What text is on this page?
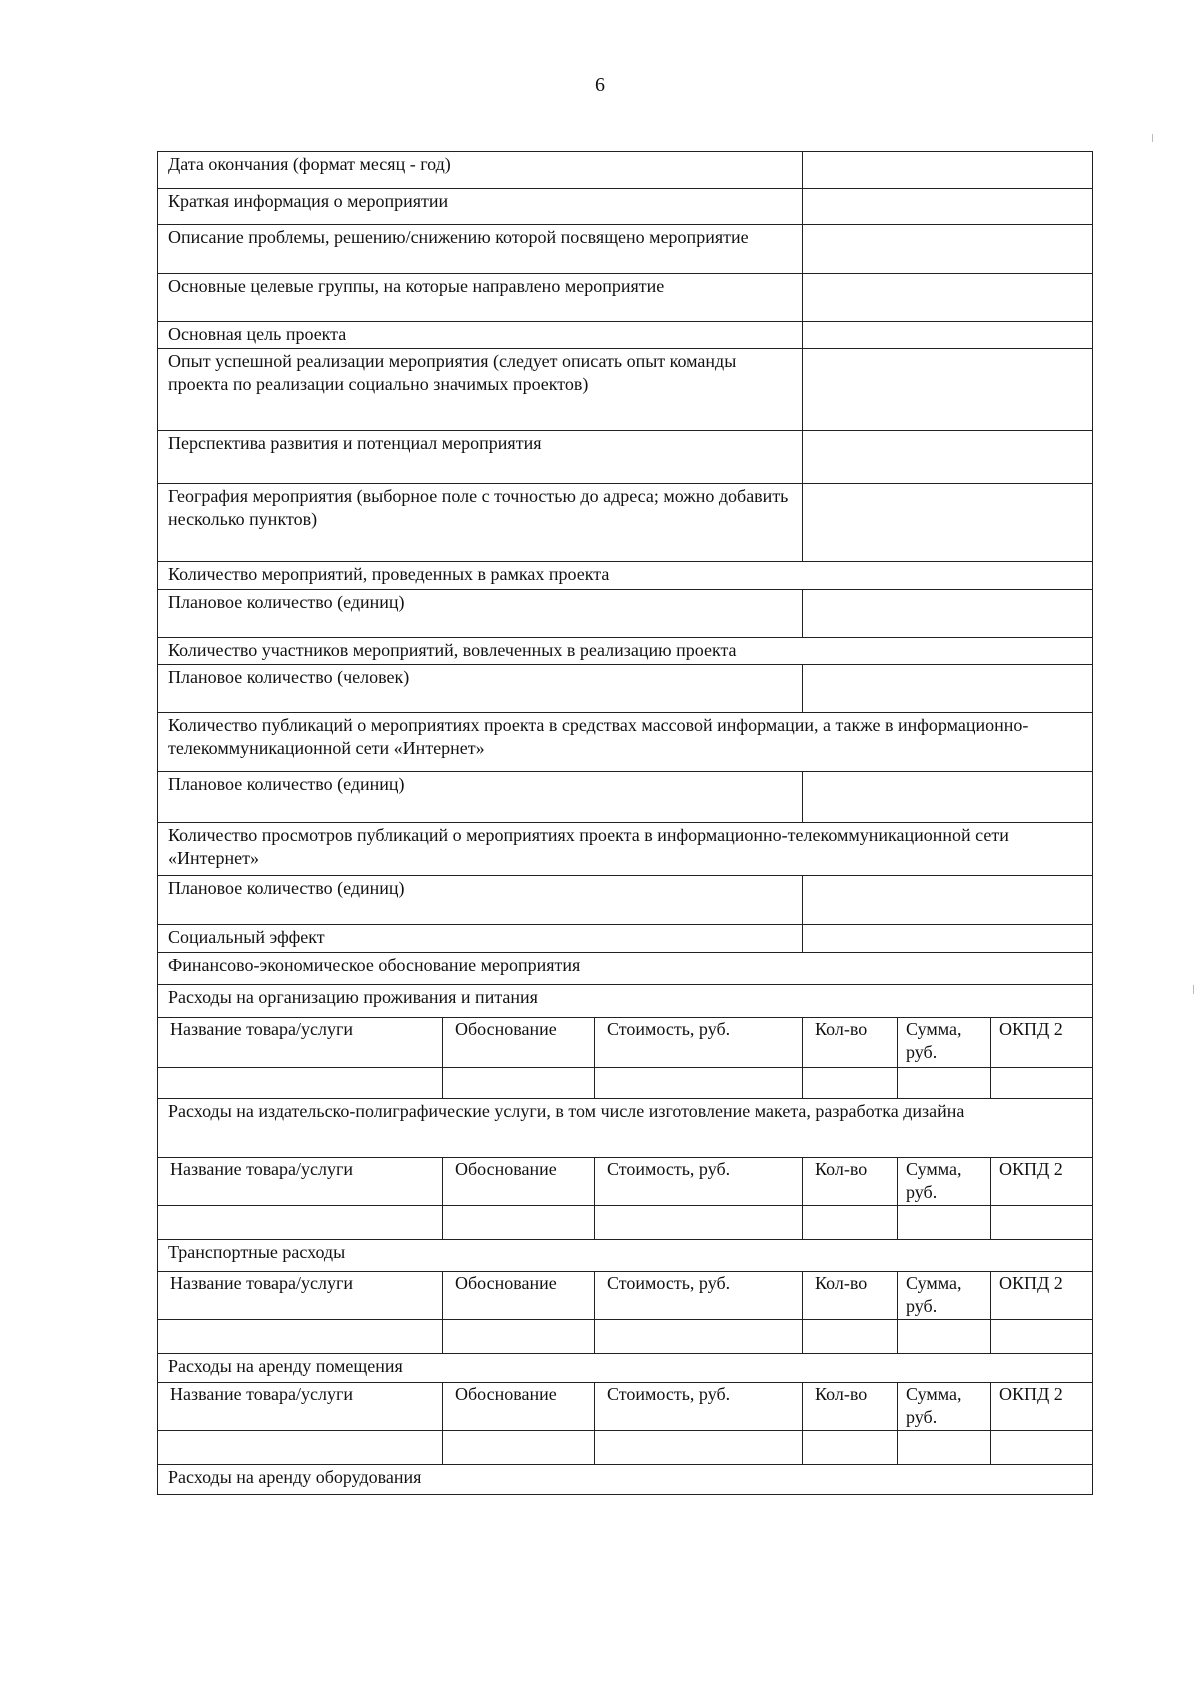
6
Дата окончания (формат месяц - год)					
Краткая информация о мероприятии					
Описание проблемы, решению/снижению которой посвящено мероприятие					
Основные целевые группы, на которые направлено мероприятие					
Основная цель проекта					
Опыт успешной реализации мероприятия (следует описать опыт команды проекта по реализации социально значимых проектов)					
Перспектива развития и потенциал мероприятия					
География мероприятия (выборное поле с точностью до адреса; можно добавить несколько пунктов)					
Количество мероприятий, проведенных в рамках проекта					
Плановое количество (единиц)					
Количество участников мероприятий, вовлеченных в реализацию проекта					
Плановое количество (человек)					
Количество публикаций о мероприятиях проекта в средствах массовой информации, а также в информационно-телекоммуникационной сети «Интернет»					
Плановое количество (единиц)					
Количество просмотров публикаций о мероприятиях проекта в информационно-телекоммуникационной сети «Интернет»					
Плановое количество (единиц)					
Социальный эффект					
Финансово-экономическое обоснование мероприятия					
Расходы на организацию проживания и питания					
Название товара/услуги	Обоснование	Стоимость, руб.	Кол-во	Сумма, руб.	ОКПД 2

Расходы на издательско-полиграфические услуги, в том числе изготовление макета, разработка дизайна					
Название товара/услуги	Обоснование	Стоимость, руб.	Кол-во	Сумма, руб.	ОКПД 2

Транспортные расходы					
Название товара/услуги	Обоснование	Стоимость, руб.	Кол-во	Сумма, руб.	ОКПД 2

Расходы на аренду помещения					
Название товара/услуги	Обоснование	Стоимость, руб.	Кол-во	Сумма, руб.	ОКПД 2

Расходы на аренду оборудования					
